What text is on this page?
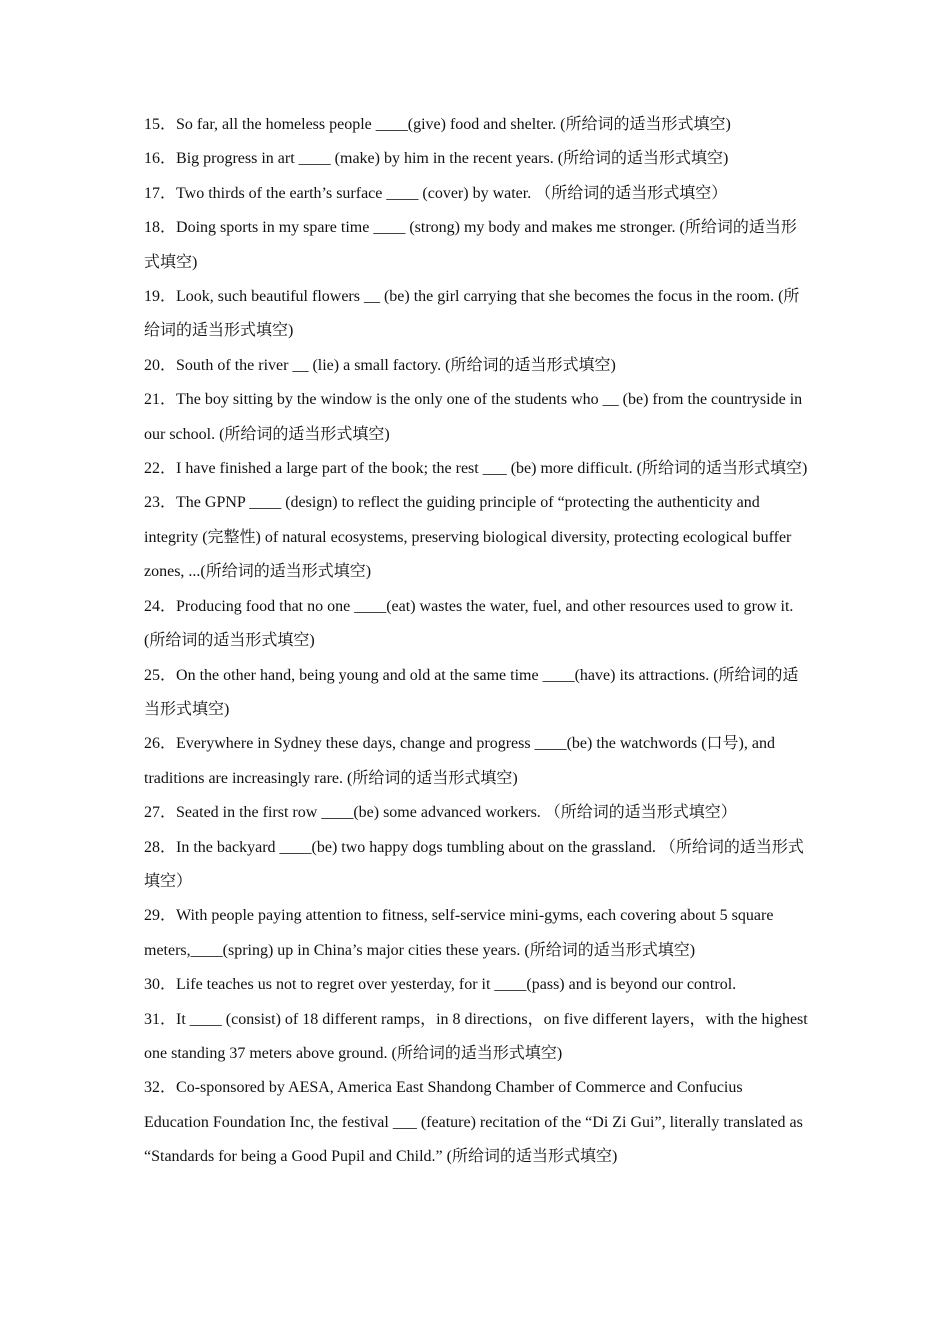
15．So far, all the homeless people ____(give) food and shelter. (所给词的适当形式填空)

16．Big progress in art ____ (make) by him in the recent years. (所给词的适当形式填空)

17．Two thirds of the earth’s surface ____ (cover) by water. （所给词的适当形式填空）

18．Doing sports in my spare time ____ (strong) my body and makes me stronger. (所给词的适当形式填空)

19．Look, such beautiful flowers __ (be) the girl carrying that she becomes the focus in the room. (所给词的适当形式填空)

20．South of the river __ (lie) a small factory. (所给词的适当形式填空)

21．The boy sitting by the window is the only one of the students who __ (be) from the countryside in our school. (所给词的适当形式填空)

22．I have finished a large part of the book; the rest ___ (be) more difficult. (所给词的适当形式填空)

23．The GPNP ____ (design) to reflect the guiding principle of “protecting the authenticity and integrity (完整性) of natural ecosystems, preserving biological diversity, protecting ecological buffer zones, ...(所给词的适当形式填空)

24．Producing food that no one ____(eat) wastes the water, fuel, and other resources used to grow it. (所给词的适当形式填空)

25．On the other hand, being young and old at the same time ____(have) its attractions. (所给词的适当形式填空)

26．Everywhere in Sydney these days, change and progress ____(be) the watchwords (口号), and traditions are increasingly rare. (所给词的适当形式填空)

27．Seated in the first row ____(be) some advanced workers. （所给词的适当形式填空）

28．In the backyard ____(be) two happy dogs tumbling about on the grassland. （所给词的适当形式填空）

29．With people paying attention to fitness, self-service mini-gyms, each covering about 5 square meters,____(spring) up in China’s major cities these years. (所给词的适当形式填空)

30．Life teaches us not to regret over yesterday, for it ____(pass) and is beyond our control.

31．It ____ (consist) of 18 different ramps，in 8 directions，on five different layers，with the highest one standing 37 meters above ground. (所给词的适当形式填空)

32．Co-sponsored by AESA, America East Shandong Chamber of Commerce and Confucius Education Foundation Inc, the festival ___ (feature) recitation of the “Di Zi Gui”, literally translated as “Standards for being a Good Pupil and Child.” (所给词的适当形式填空)
